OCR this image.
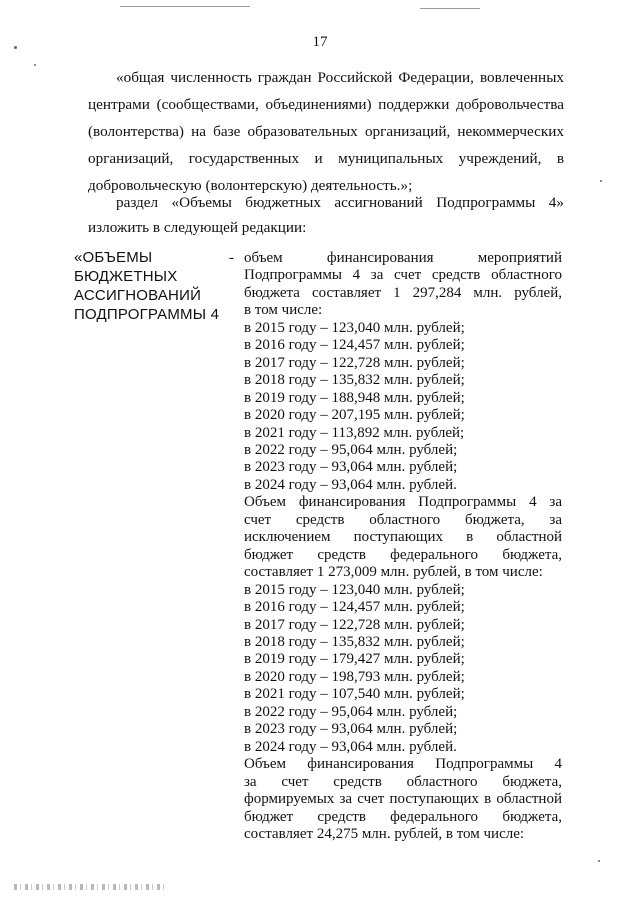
17
«общая численность граждан Российской Федерации, вовлеченных
центрами (сообществами, объединениями) поддержки добровольчества
(волонтерства) на базе образовательных организаций, некоммерческих
организаций, государственных и муниципальных учреждений, в
добровольческую (волонтерскую) деятельность.»;
раздел «Объемы бюджетных ассигнований Подпрограммы 4»
изложить в следующей редакции:
«ОБЪЕМЫ
БЮДЖЕТНЫХ
АССИГНОВАНИЙ
ПОДПРОГРАММЫ 4
- объем финансирования мероприятий
Подпрограммы 4 за счет средств областного
бюджета составляет 1 297,284 млн. рублей,
в том числе:
в 2015 году – 123,040 млн. рублей;
в 2016 году – 124,457 млн. рублей;
в 2017 году – 122,728 млн. рублей;
в 2018 году – 135,832 млн. рублей;
в 2019 году – 188,948 млн. рублей;
в 2020 году – 207,195 млн. рублей;
в 2021 году – 113,892 млн. рублей;
в 2022 году – 95,064 млн. рублей;
в 2023 году – 93,064 млн. рублей;
в 2024 году – 93,064 млн. рублей.
Объем финансирования Подпрограммы 4 за
счет средств областного бюджета, за
исключением поступающих в областной
бюджет средств федерального бюджета,
составляет 1 273,009 млн. рублей, в том числе:
в 2015 году – 123,040 млн. рублей;
в 2016 году – 124,457 млн. рублей;
в 2017 году – 122,728 млн. рублей;
в 2018 году – 135,832 млн. рублей;
в 2019 году – 179,427 млн. рублей;
в 2020 году – 198,793 млн. рублей;
в 2021 году – 107,540 млн. рублей;
в 2022 году – 95,064 млн. рублей;
в 2023 году – 93,064 млн. рублей;
в 2024 году – 93,064 млн. рублей.
Объем финансирования Подпрограммы 4
за счет средств областного бюджета,
формируемых за счет поступающих в областной
бюджет средств федерального бюджета,
составляет 24,275 млн. рублей, в том числе:
